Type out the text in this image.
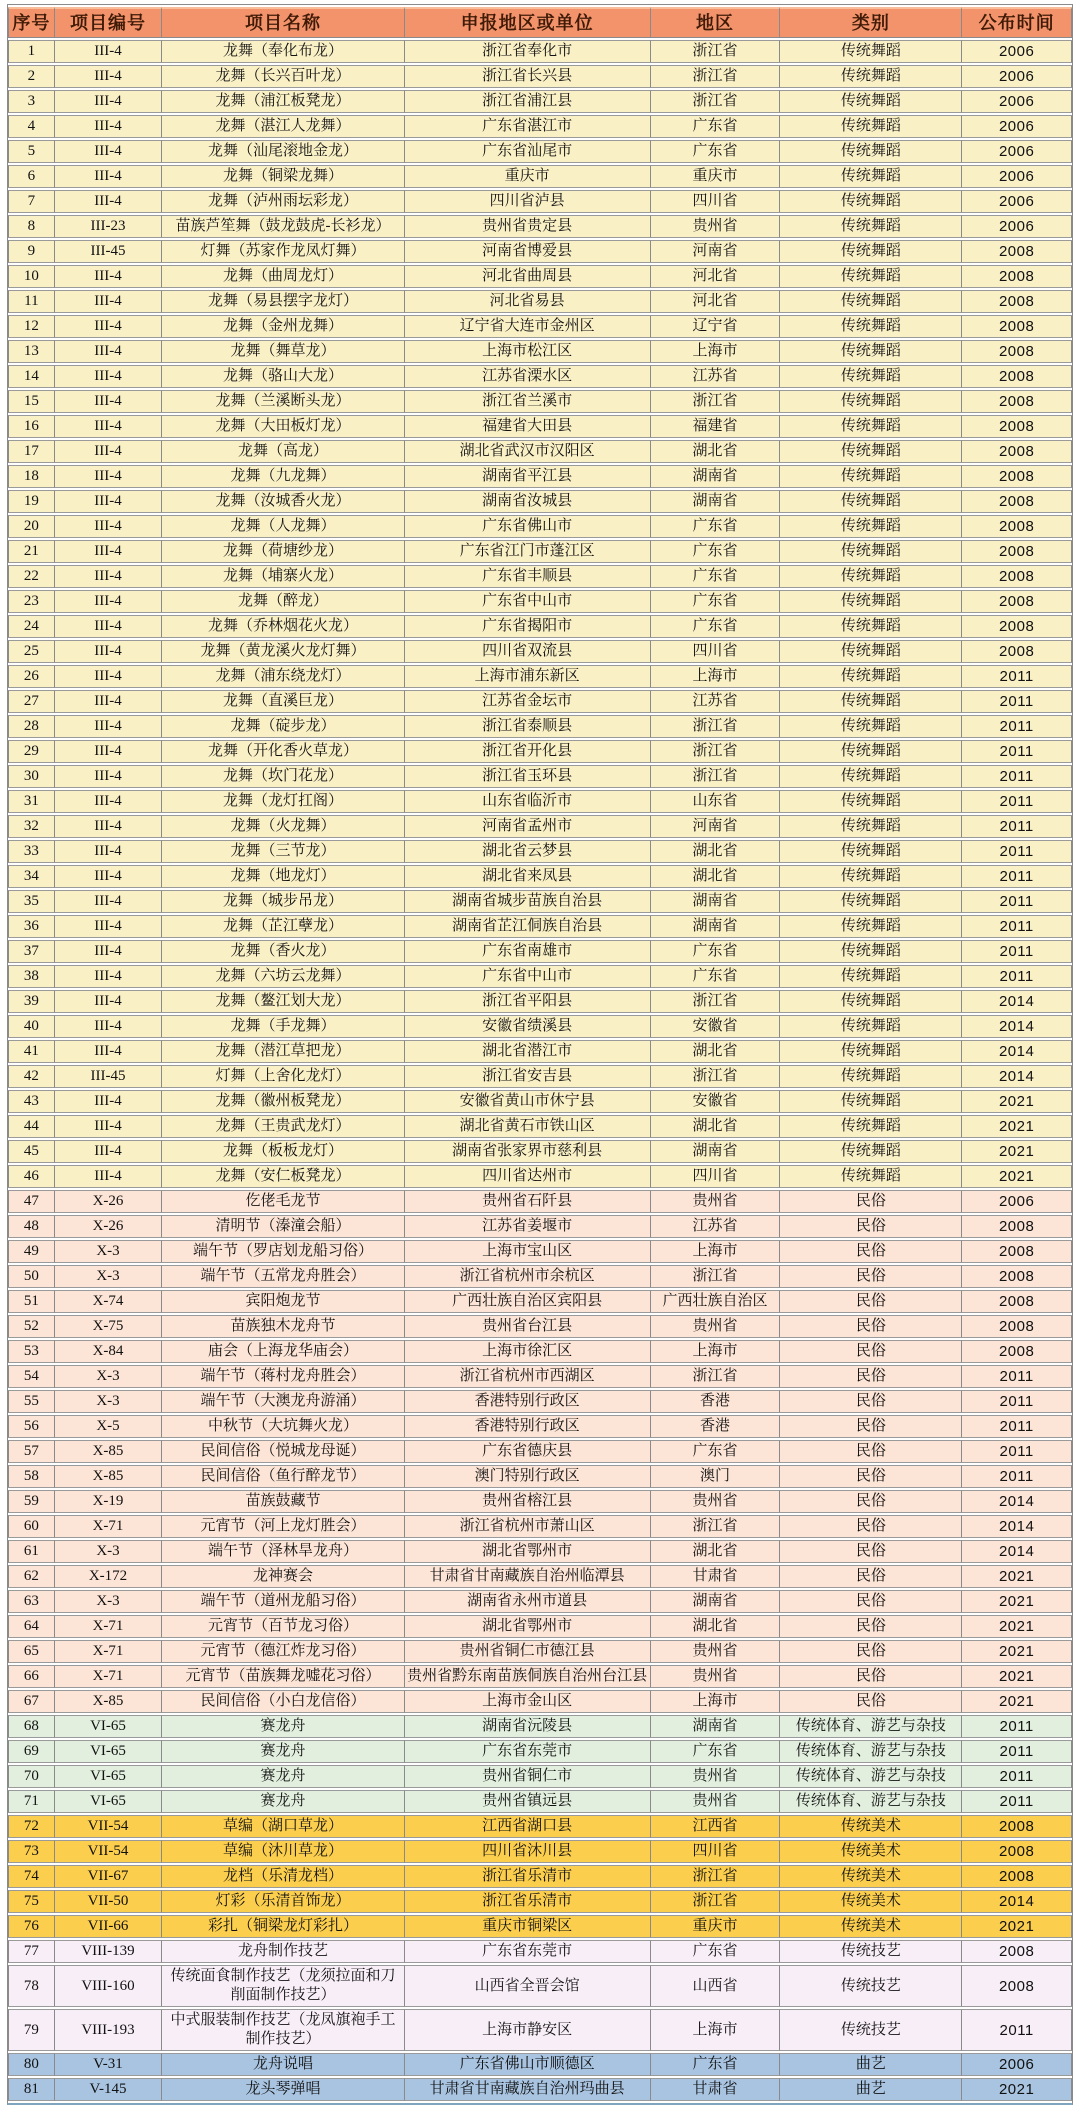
序号	项目编号	项目名称	申报地区或单位	地区	类别	公布时间
1	III-4	龙舞（奉化布龙）	浙江省奉化市	浙江省	传统舞蹈	2006
2	III-4	龙舞（长兴百叶龙）	浙江省长兴县	浙江省	传统舞蹈	2006
3	III-4	龙舞（浦江板凳龙）	浙江省浦江县	浙江省	传统舞蹈	2006
4	III-4	龙舞（湛江人龙舞）	广东省湛江市	广东省	传统舞蹈	2006
5	III-4	龙舞（汕尾滚地金龙）	广东省汕尾市	广东省	传统舞蹈	2006
6	III-4	龙舞（铜梁龙舞）	重庆市	重庆市	传统舞蹈	2006
7	III-4	龙舞（泸州雨坛彩龙）	四川省泸县	四川省	传统舞蹈	2006
8	III-23	苗族芦笙舞（鼓龙鼓虎-长衫龙）	贵州省贵定县	贵州省	传统舞蹈	2006
9	III-45	灯舞（苏家作龙凤灯舞）	河南省博爱县	河南省	传统舞蹈	2008
10	III-4	龙舞（曲周龙灯）	河北省曲周县	河北省	传统舞蹈	2008
11	III-4	龙舞（易县摆字龙灯）	河北省易县	河北省	传统舞蹈	2008
12	III-4	龙舞（金州龙舞）	辽宁省大连市金州区	辽宁省	传统舞蹈	2008
13	III-4	龙舞（舞草龙）	上海市松江区	上海市	传统舞蹈	2008
14	III-4	龙舞（骆山大龙）	江苏省溧水区	江苏省	传统舞蹈	2008
15	III-4	龙舞（兰溪断头龙）	浙江省兰溪市	浙江省	传统舞蹈	2008
16	III-4	龙舞（大田板灯龙）	福建省大田县	福建省	传统舞蹈	2008
17	III-4	龙舞（高龙）	湖北省武汉市汉阳区	湖北省	传统舞蹈	2008
18	III-4	龙舞（九龙舞）	湖南省平江县	湖南省	传统舞蹈	2008
19	III-4	龙舞（汝城香火龙）	湖南省汝城县	湖南省	传统舞蹈	2008
20	III-4	龙舞（人龙舞）	广东省佛山市	广东省	传统舞蹈	2008
21	III-4	龙舞（荷塘纱龙）	广东省江门市蓬江区	广东省	传统舞蹈	2008
22	III-4	龙舞（埔寨火龙）	广东省丰顺县	广东省	传统舞蹈	2008
23	III-4	龙舞（醉龙）	广东省中山市	广东省	传统舞蹈	2008
24	III-4	龙舞（乔林烟花火龙）	广东省揭阳市	广东省	传统舞蹈	2008
25	III-4	龙舞（黄龙溪火龙灯舞）	四川省双流县	四川省	传统舞蹈	2008
26	III-4	龙舞（浦东绕龙灯）	上海市浦东新区	上海市	传统舞蹈	2011
27	III-4	龙舞（直溪巨龙）	江苏省金坛市	江苏省	传统舞蹈	2011
28	III-4	龙舞（碇步龙）	浙江省泰顺县	浙江省	传统舞蹈	2011
29	III-4	龙舞（开化香火草龙）	浙江省开化县	浙江省	传统舞蹈	2011
30	III-4	龙舞（坎门花龙）	浙江省玉环县	浙江省	传统舞蹈	2011
31	III-4	龙舞（龙灯扛阁）	山东省临沂市	山东省	传统舞蹈	2011
32	III-4	龙舞（火龙舞）	河南省孟州市	河南省	传统舞蹈	2011
33	III-4	龙舞（三节龙）	湖北省云梦县	湖北省	传统舞蹈	2011
34	III-4	龙舞（地龙灯）	湖北省来凤县	湖北省	传统舞蹈	2011
35	III-4	龙舞（城步吊龙）	湖南省城步苗族自治县	湖南省	传统舞蹈	2011
36	III-4	龙舞（芷江孽龙）	湖南省芷江侗族自治县	湖南省	传统舞蹈	2011
37	III-4	龙舞（香火龙）	广东省南雄市	广东省	传统舞蹈	2011
38	III-4	龙舞（六坊云龙舞）	广东省中山市	广东省	传统舞蹈	2011
39	III-4	龙舞（鳌江划大龙）	浙江省平阳县	浙江省	传统舞蹈	2014
40	III-4	龙舞（手龙舞）	安徽省绩溪县	安徽省	传统舞蹈	2014
41	III-4	龙舞（潜江草把龙）	湖北省潜江市	湖北省	传统舞蹈	2014
42	III-45	灯舞（上舍化龙灯）	浙江省安吉县	浙江省	传统舞蹈	2014
43	III-4	龙舞（徽州板凳龙）	安徽省黄山市休宁县	安徽省	传统舞蹈	2021
44	III-4	龙舞（王贵武龙灯）	湖北省黄石市铁山区	湖北省	传统舞蹈	2021
45	III-4	龙舞（板板龙灯）	湖南省张家界市慈利县	湖南省	传统舞蹈	2021
46	III-4	龙舞（安仁板凳龙）	四川省达州市	四川省	传统舞蹈	2021
47	X-26	仡佬毛龙节	贵州省石阡县	贵州省	民俗	2006
48	X-26	清明节（溱潼会船）	江苏省姜堰市	江苏省	民俗	2008
49	X-3	端午节（罗店划龙船习俗）	上海市宝山区	上海市	民俗	2008
50	X-3	端午节（五常龙舟胜会）	浙江省杭州市余杭区	浙江省	民俗	2008
51	X-74	宾阳炮龙节	广西壮族自治区宾阳县	广西壮族自治区	民俗	2008
52	X-75	苗族独木龙舟节	贵州省台江县	贵州省	民俗	2008
53	X-84	庙会（上海龙华庙会）	上海市徐汇区	上海市	民俗	2008
54	X-3	端午节（蒋村龙舟胜会）	浙江省杭州市西湖区	浙江省	民俗	2011
55	X-3	端午节（大澳龙舟游涌）	香港特别行政区	香港	民俗	2011
56	X-5	中秋节（大坑舞火龙）	香港特别行政区	香港	民俗	2011
57	X-85	民间信俗（悦城龙母诞）	广东省德庆县	广东省	民俗	2011
58	X-85	民间信俗（鱼行醉龙节）	澳门特别行政区	澳门	民俗	2011
59	X-19	苗族鼓藏节	贵州省榕江县	贵州省	民俗	2014
60	X-71	元宵节（河上龙灯胜会）	浙江省杭州市萧山区	浙江省	民俗	2014
61	X-3	端午节（泽林旱龙舟）	湖北省鄂州市	湖北省	民俗	2014
62	X-172	龙神赛会	甘肃省甘南藏族自治州临潭县	甘肃省	民俗	2021
63	X-3	端午节（道州龙船习俗）	湖南省永州市道县	湖南省	民俗	2021
64	X-71	元宵节（百节龙习俗）	湖北省鄂州市	湖北省	民俗	2021
65	X-71	元宵节（德江炸龙习俗）	贵州省铜仁市德江县	贵州省	民俗	2021
66	X-71	元宵节（苗族舞龙嘘花习俗）	贵州省黔东南苗族侗族自治州台江县	贵州省	民俗	2021
67	X-85	民间信俗（小白龙信俗）	上海市金山区	上海市	民俗	2021
68	VI-65	赛龙舟	湖南省沅陵县	湖南省	传统体育、游艺与杂技	2011
69	VI-65	赛龙舟	广东省东莞市	广东省	传统体育、游艺与杂技	2011
70	VI-65	赛龙舟	贵州省铜仁市	贵州省	传统体育、游艺与杂技	2011
71	VI-65	赛龙舟	贵州省镇远县	贵州省	传统体育、游艺与杂技	2011
72	VII-54	草编（湖口草龙）	江西省湖口县	江西省	传统美术	2008
73	VII-54	草编（沐川草龙）	四川省沐川县	四川省	传统美术	2008
74	VII-67	龙档（乐清龙档）	浙江省乐清市	浙江省	传统美术	2008
75	VII-50	灯彩（乐清首饰龙）	浙江省乐清市	浙江省	传统美术	2014
76	VII-66	彩扎（铜梁龙灯彩扎）	重庆市铜梁区	重庆市	传统美术	2021
77	VIII-139	龙舟制作技艺	广东省东莞市	广东省	传统技艺	2008
78	VIII-160	传统面食制作技艺（龙须拉面和刀削面制作技艺）	山西省全晋会馆	山西省	传统技艺	2008
79	VIII-193	中式服装制作技艺（龙凤旗袍手工制作技艺）	上海市静安区	上海市	传统技艺	2011
80	V-31	龙舟说唱	广东省佛山市顺德区	广东省	曲艺	2006
81	V-145	龙头琴弹唱	甘肃省甘南藏族自治州玛曲县	甘肃省	曲艺	2021
